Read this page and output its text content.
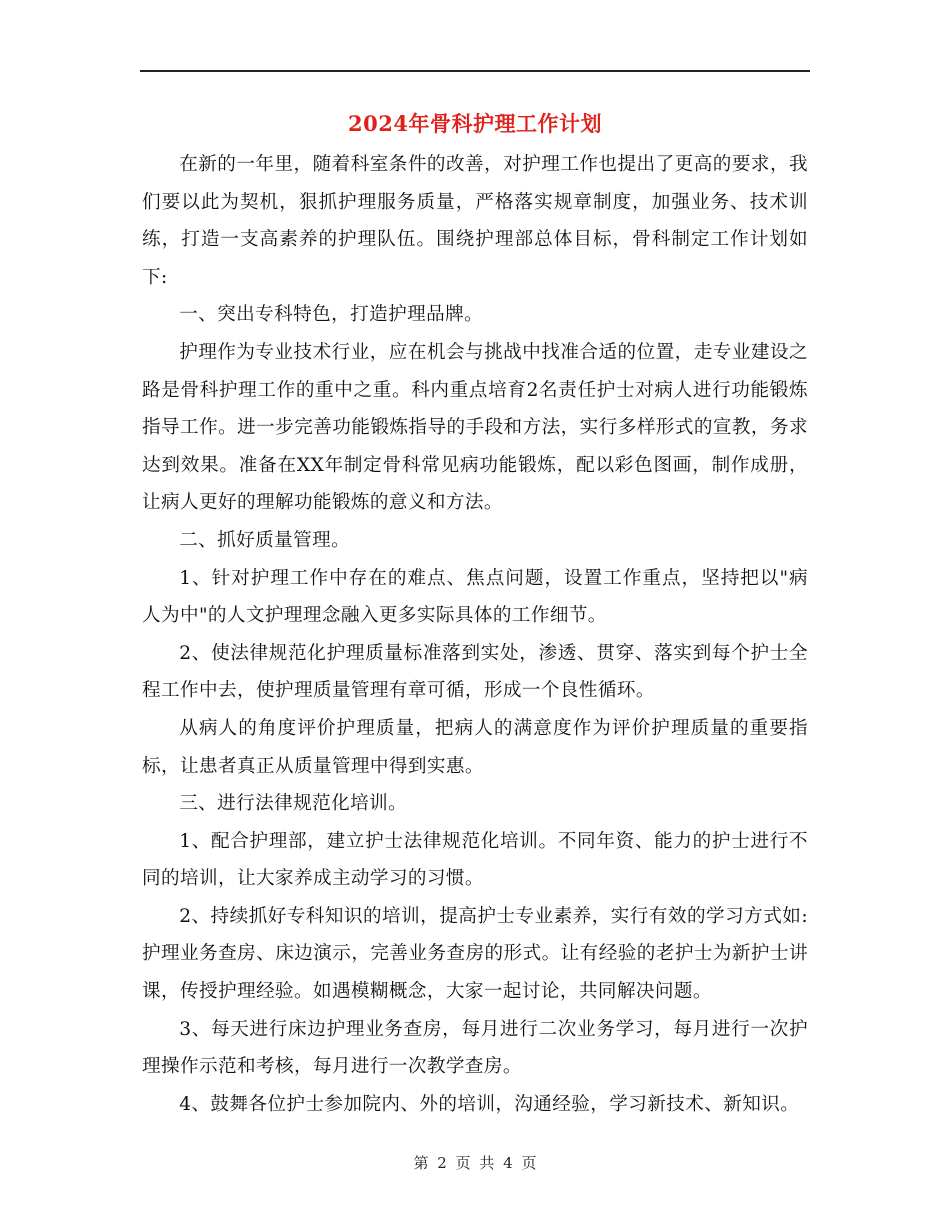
2024年骨科护理工作计划

在新的一年里，随着科室条件的改善，对护理工作也提出了更高的要求，我们要以此为契机，狠抓护理服务质量，严格落实规章制度，加强业务、技术训练，打造一支高素养的护理队伍。围绕护理部总体目标，骨科制定工作计划如下:

一、突出专科特色，打造护理品牌。

护理作为专业技术行业，应在机会与挑战中找准合适的位置，走专业建设之路是骨科护理工作的重中之重。科内重点培育2名责任护士对病人进行功能锻炼指导工作。进一步完善功能锻炼指导的手段和方法，实行多样形式的宣教，务求达到效果。准备在XX年制定骨科常见病功能锻炼，配以彩色图画，制作成册，让病人更好的理解功能锻炼的意义和方法。

二、抓好质量管理。

1、针对护理工作中存在的难点、焦点问题，设置工作重点，坚持把以"病人为中"的人文护理理念融入更多实际具体的工作细节。

2、使法律规范化护理质量标准落到实处，渗透、贯穿、落实到每个护士全程工作中去，使护理质量管理有章可循，形成一个良性循环。

从病人的角度评价护理质量，把病人的满意度作为评价护理质量的重要指标，让患者真正从质量管理中得到实惠。

三、进行法律规范化培训。

1、配合护理部，建立护士法律规范化培训。不同年资、能力的护士进行不同的培训，让大家养成主动学习的习惯。

2、持续抓好专科知识的培训，提高护士专业素养，实行有效的学习方式如:护理业务查房、床边演示，完善业务查房的形式。让有经验的老护士为新护士讲课，传授护理经验。如遇模糊概念，大家一起讨论，共同解决问题。

3、每天进行床边护理业务查房，每月进行二次业务学习，每月进行一次护理操作示范和考核，每月进行一次教学查房。

4、鼓舞各位护士参加院内、外的培训，沟通经验，学习新技术、新知识。

第 2 页 共 4 页
